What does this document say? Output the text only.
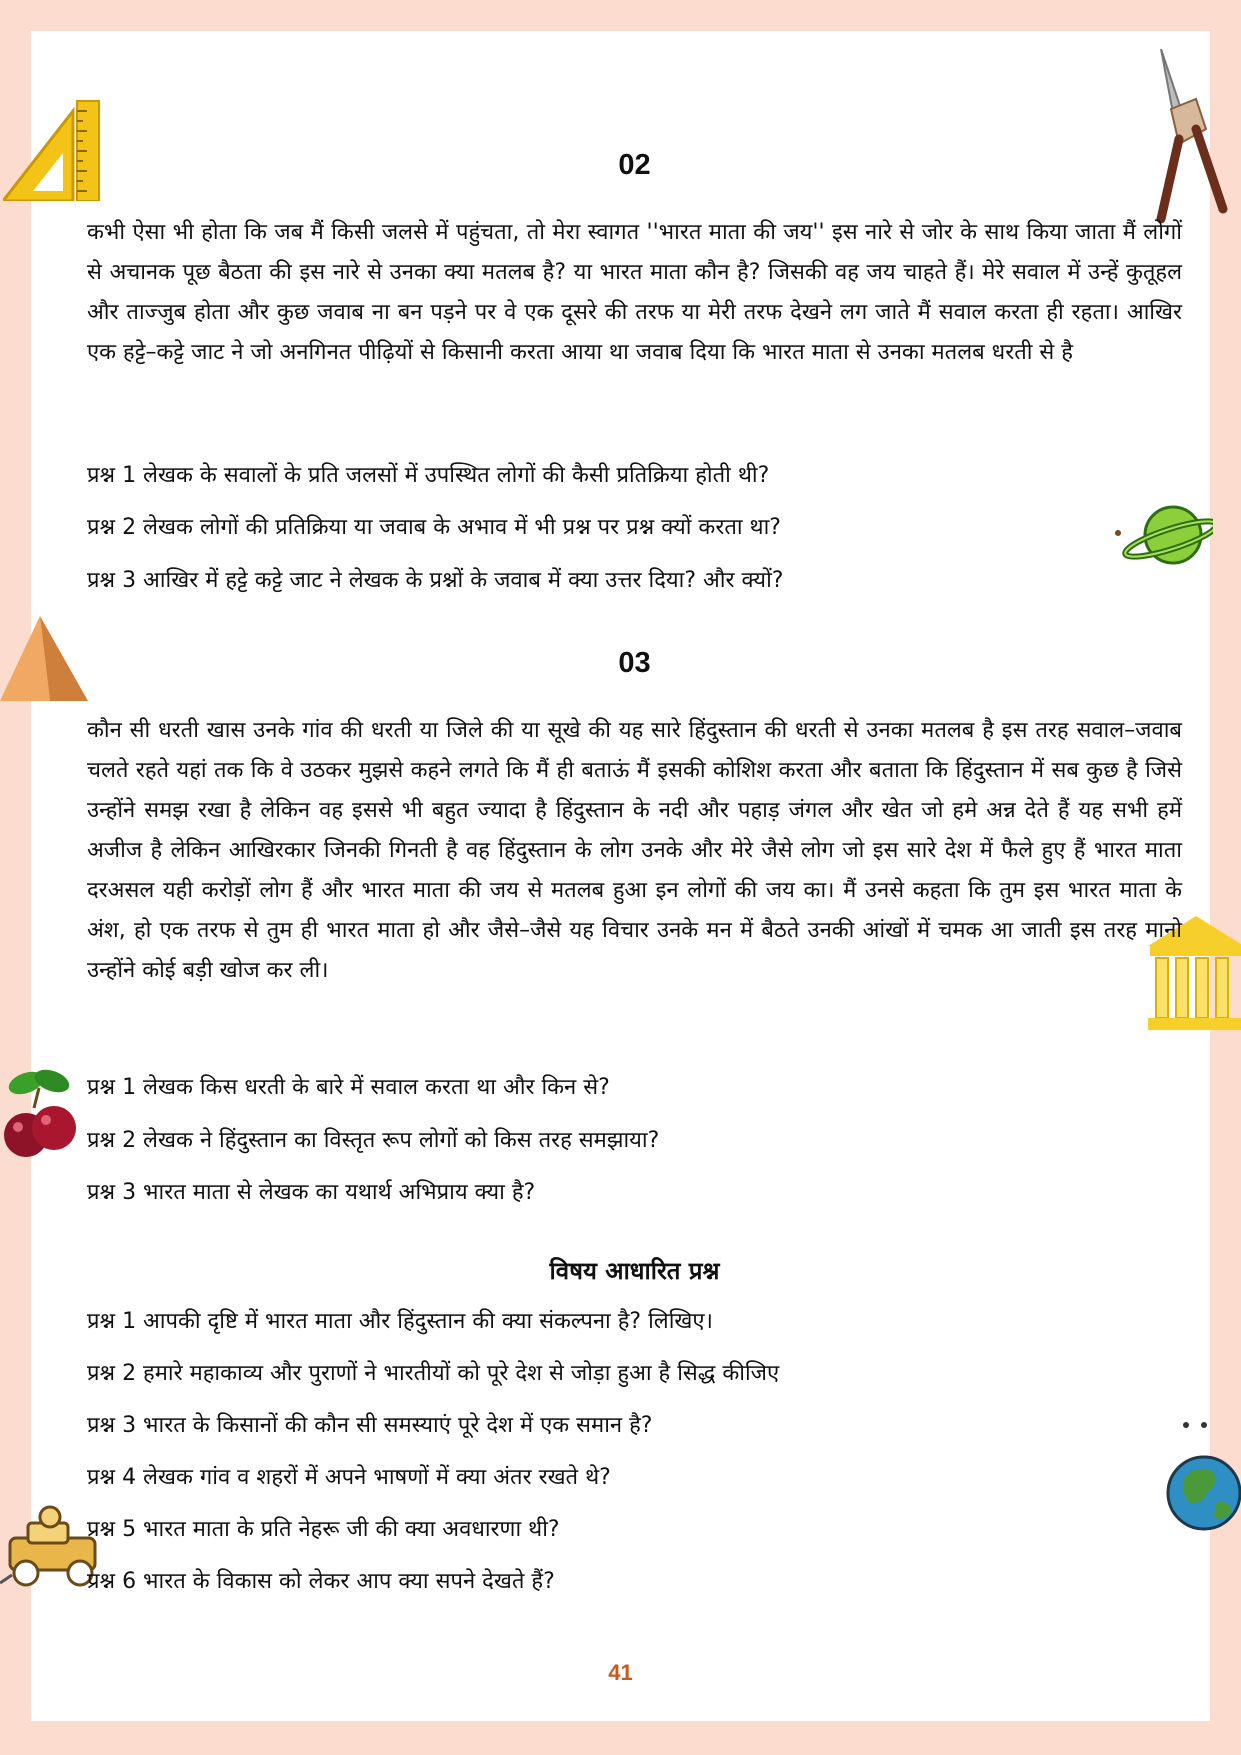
02
कभी ऐसा भी होता कि जब मैं किसी जलसे में पहुंचता, तो मेरा स्वागत ''भारत माता की जय'' इस नारे से जोर के साथ किया जाता मैं लोगों से अचानक पूछ बैठता की इस नारे से उनका क्या मतलब है? या भारत माता कौन है? जिसकी वह जय चाहते हैं। मेरे सवाल में उन्हें कुतूहल और ताज्जुब होता और कुछ जवाब ना बन पड़ने पर वे एक दूसरे की तरफ या मेरी तरफ देखने लग जाते मैं सवाल करता ही रहता। आखिर एक हट्टे–कट्टे जाट ने जो अनगिनत पीढ़ियों से किसानी करता आया था जवाब दिया कि भारत माता से उनका मतलब धरती से है
प्रश्न 1 लेखक के सवालों के प्रति जलसों में उपस्थित लोगों की कैसी प्रतिक्रिया होती थी?
प्रश्न 2 लेखक लोगों की प्रतिक्रिया या जवाब के अभाव में भी प्रश्न पर प्रश्न क्यों करता था?
प्रश्न 3 आखिर में हट्टे कट्टे जाट ने लेखक के प्रश्नों के जवाब में क्या उत्तर दिया? और क्यों?
03
कौन सी धरती खास उनके गांव की धरती या जिले की या सूखे की यह सारे हिंदुस्तान की धरती से उनका मतलब है इस तरह सवाल–जवाब चलते रहते यहां तक कि वे उठकर मुझसे कहने लगते कि मैं ही बताऊं मैं इसकी कोशिश करता और बताता कि हिंदुस्तान में सब कुछ है जिसे उन्होंने समझ रखा है लेकिन वह इससे भी बहुत ज्यादा है हिंदुस्तान के नदी और पहाड़ जंगल और खेत जो हमे अन्न देते हैं यह सभी हमें अजीज है लेकिन आखिरकार जिनकी गिनती है वह हिंदुस्तान के लोग उनके और मेरे जैसे लोग जो इस सारे देश में फैले हुए हैं भारत माता दरअसल यही करोड़ों लोग हैं और भारत माता की जय से मतलब हुआ इन लोगों की जय का। मैं उनसे कहता कि तुम इस भारत माता के अंश, हो एक तरफ से तुम ही भारत माता हो और जैसे–जैसे यह विचार उनके मन में बैठते उनकी आंखों में चमक आ जाती इस तरह मानो उन्होंने कोई बड़ी खोज कर ली।
प्रश्न 1 लेखक किस धरती के बारे में सवाल करता था और किन से?
प्रश्न 2 लेखक ने हिंदुस्तान का विस्तृत रूप लोगों को किस तरह समझाया?
प्रश्न 3 भारत माता से लेखक का यथार्थ अभिप्राय क्या है?
विषय आधारित प्रश्न
प्रश्न 1 आपकी दृष्टि में भारत माता और हिंदुस्तान की क्या संकल्पना है? लिखिए।
प्रश्न 2 हमारे महाकाव्य और पुराणों ने भारतीयों को पूरे देश से जोड़ा हुआ है सिद्ध कीजिए
प्रश्न 3 भारत के किसानों की कौन सी समस्याएं पूरे देश में एक समान है?
प्रश्न 4 लेखक गांव व शहरों में अपने भाषणों में क्या अंतर रखते थे?
प्रश्न 5 भारत माता के प्रति नेहरू जी की क्या अवधारणा थी?
प्रश्न 6 भारत के विकास को लेकर आप क्या सपने देखते हैं?
41
